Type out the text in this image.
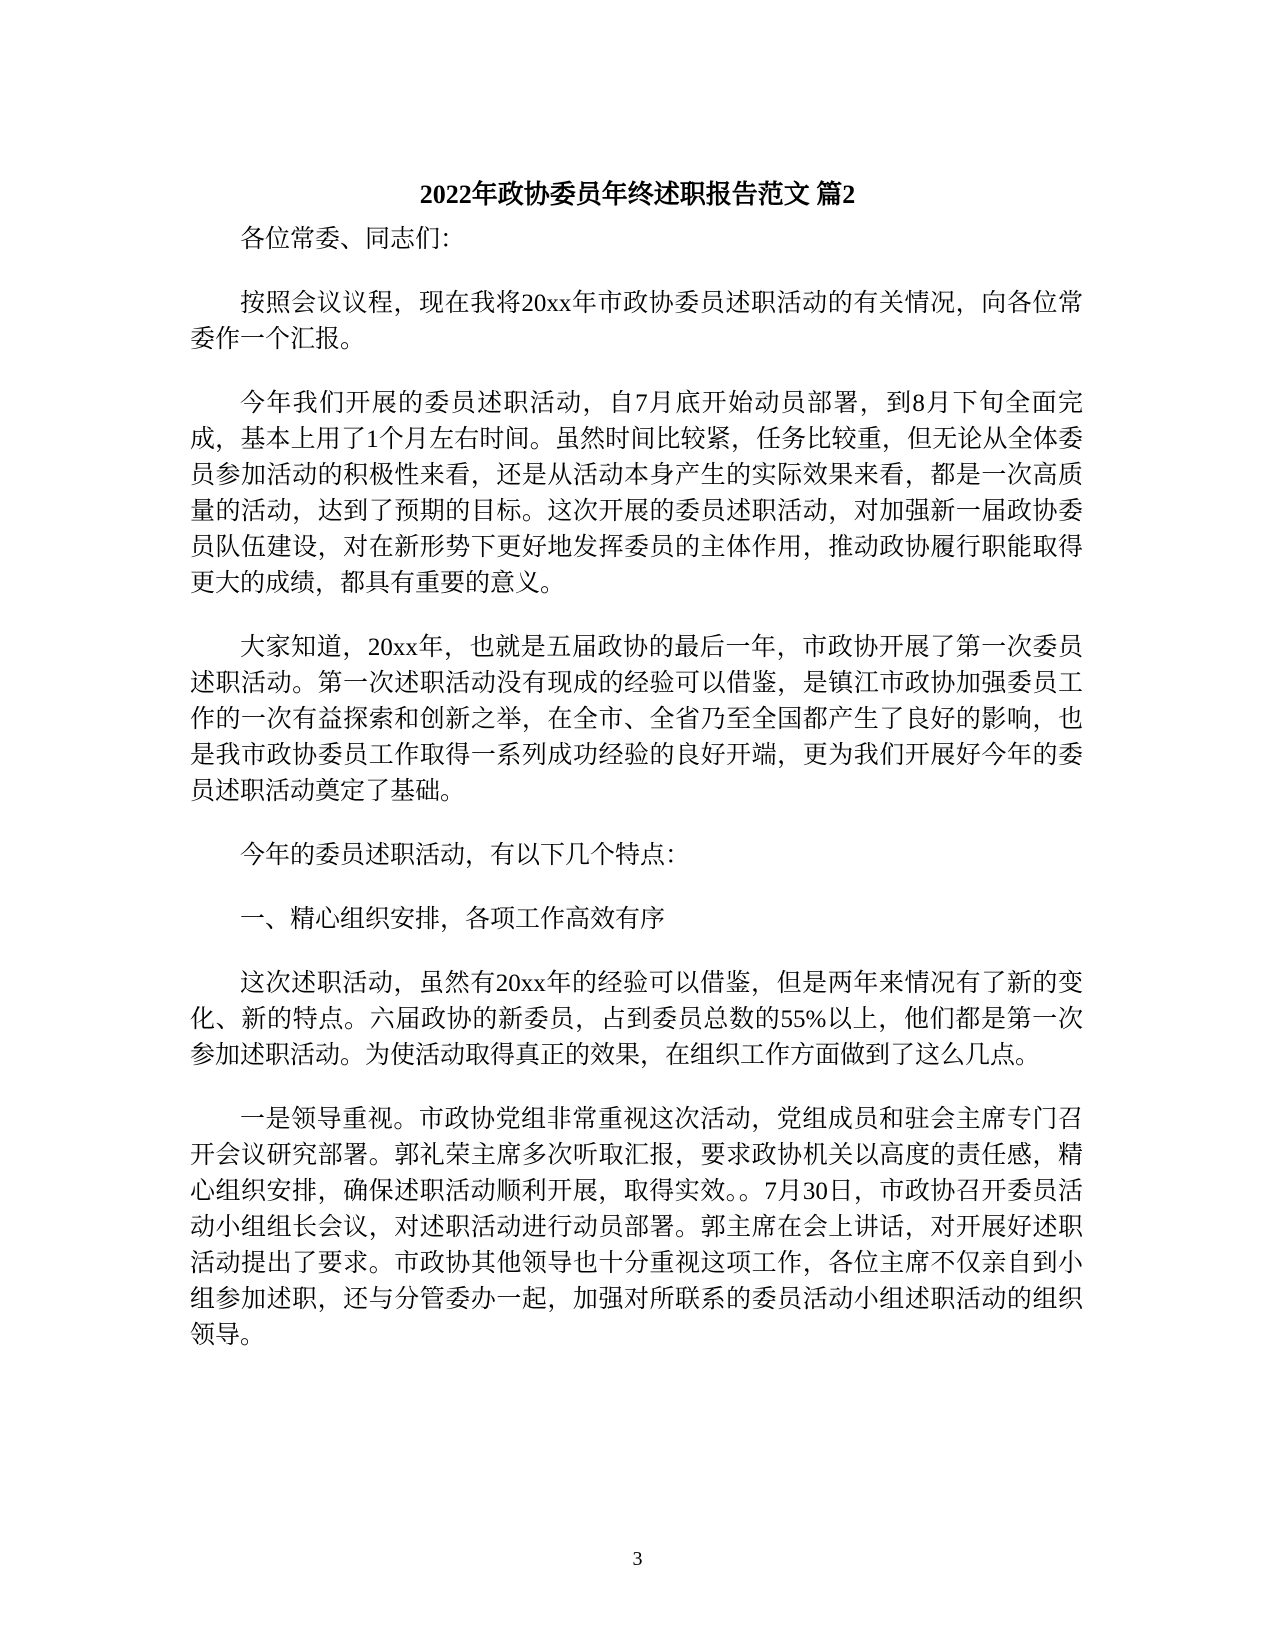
2022年政协委员年终述职报告范文 篇2

各位常委、同志们：

按照会议议程，现在我将20xx年市政协委员述职活动的有关情况，向各位常委作一个汇报。

今年我们开展的委员述职活动，自7月底开始动员部署，到8月下旬全面完成，基本上用了1个月左右时间。虽然时间比较紧，任务比较重，但无论从全体委员参加活动的积极性来看，还是从活动本身产生的实际效果来看，都是一次高质量的活动，达到了预期的目标。这次开展的委员述职活动，对加强新一届政协委员队伍建设，对在新形势下更好地发挥委员的主体作用，推动政协履行职能取得更大的成绩，都具有重要的意义。

大家知道，20xx年，也就是五届政协的最后一年，市政协开展了第一次委员述职活动。第一次述职活动没有现成的经验可以借鉴，是镇江市政协加强委员工作的一次有益探索和创新之举，在全市、全省乃至全国都产生了良好的影响，也是我市政协委员工作取得一系列成功经验的良好开端，更为我们开展好今年的委员述职活动奠定了基础。

今年的委员述职活动，有以下几个特点：

一、精心组织安排，各项工作高效有序

这次述职活动，虽然有20xx年的经验可以借鉴，但是两年来情况有了新的变化、新的特点。六届政协的新委员，占到委员总数的55%以上，他们都是第一次参加述职活动。为使活动取得真正的效果，在组织工作方面做到了这么几点。

一是领导重视。市政协党组非常重视这次活动，党组成员和驻会主席专门召开会议研究部署。郭礼荣主席多次听取汇报，要求政协机关以高度的责任感，精心组织安排，确保述职活动顺利开展，取得实效。。7月30日，市政协召开委员活动小组组长会议，对述职活动进行动员部署。郭主席在会上讲话，对开展好述职活动提出了要求。市政协其他领导也十分重视这项工作，各位主席不仅亲自到小组参加述职，还与分管委办一起，加强对所联系的委员活动小组述职活动的组织领导。

3
